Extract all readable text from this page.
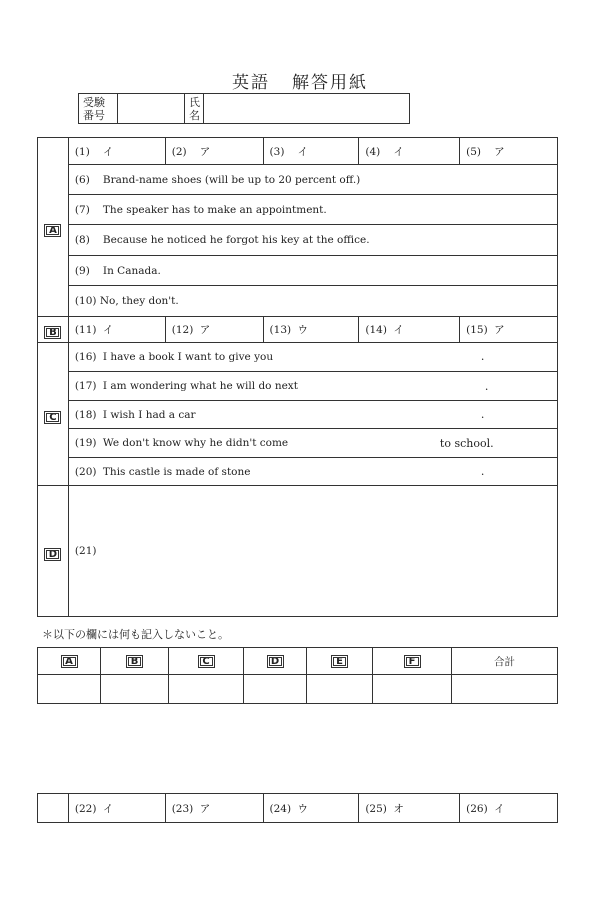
英語 解答用紙
受験
番号

氏
名

A	(1) イ	(2) ア	(3) イ	(4) イ	(5) ア
	(6) Brand-name shoes (will be up to 20 percent off.)				
	(7) The speaker has to make an appointment.				
	(8) Because he noticed he forgot his key at the office.				
	(9) In Canada.				
	(10) No, they don't.				
B	(11) イ	(12) ア	(13) ウ	(14) イ	(15) ア
C	(16) I have a book I want to give you .				

	(17) I am wondering what he will do next .				

	(18) I wish I had a car .				

	(19) We don't know why he didn't come to school.				

	(20) This castle is made of stone .				

D	(21)				
＊以下の欄には何も記入しないこと。
A	B	C	D	E	F	合計

	(22) イ	(23) ア	(24) ウ	(25) オ	(26) イ
